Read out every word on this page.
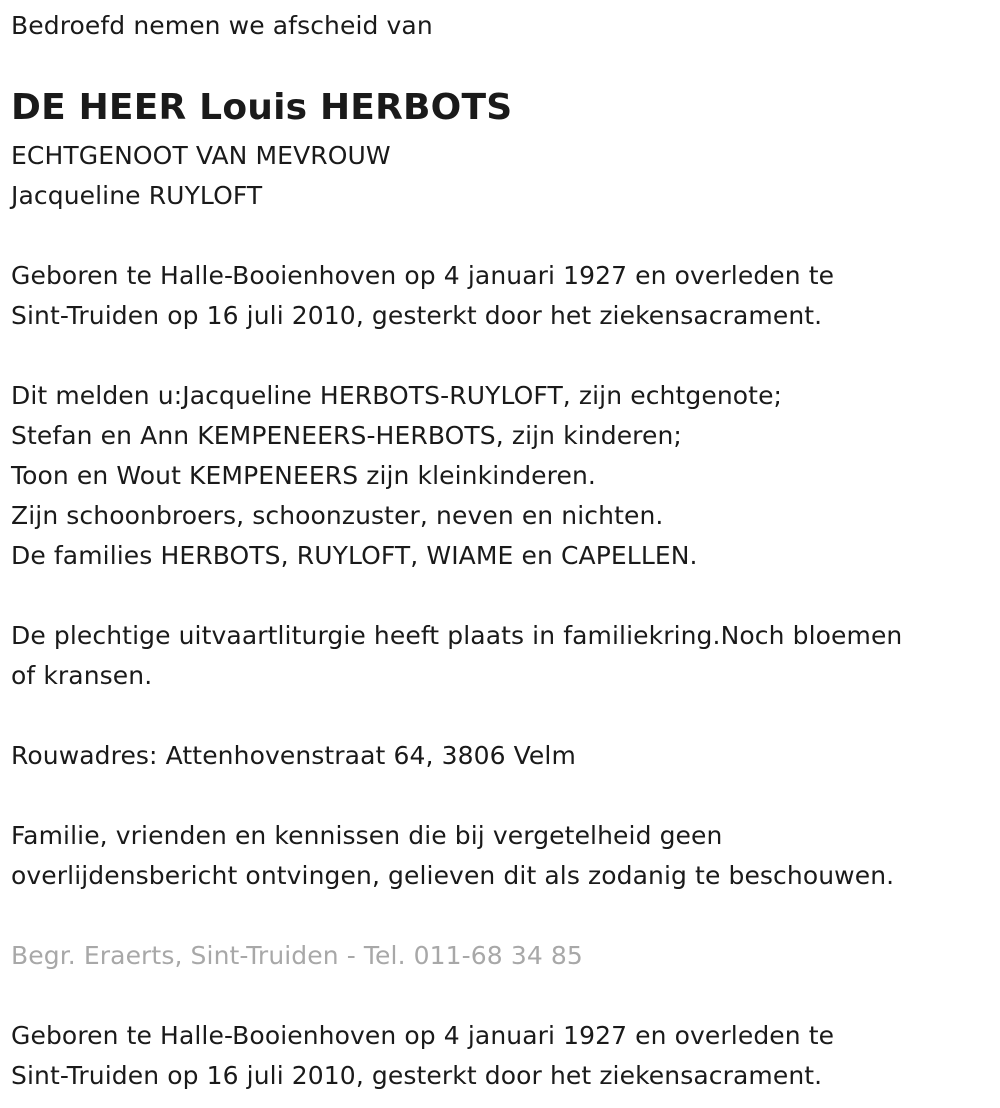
Bedroefd nemen we afscheid van
DE HEER Louis HERBOTS
ECHTGENOOT VAN MEVROUW
Jacqueline RUYLOFT
Geboren te Halle-Booienhoven op 4 januari 1927 en overleden te
Sint-Truiden op 16 juli 2010, gesterkt door het ziekensacrament.
Dit melden u:Jacqueline HERBOTS-RUYLOFT, zijn echtgenote;
Stefan en Ann KEMPENEERS-HERBOTS, zijn kinderen;
Toon en Wout KEMPENEERS zijn kleinkinderen.
Zijn schoonbroers, schoonzuster, neven en nichten.
De families HERBOTS, RUYLOFT, WIAME en CAPELLEN.
De plechtige uitvaartliturgie heeft plaats in familiekring.Noch bloemen
of kransen.
Rouwadres: Attenhovenstraat 64, 3806 Velm
Familie, vrienden en kennissen die bij vergetelheid geen
overlijdensbericht ontvingen, gelieven dit als zodanig te beschouwen.
Begr. Eraerts, Sint-Truiden - Tel. 011-68 34 85
Geboren te Halle-Booienhoven op 4 januari 1927 en overleden te
Sint-Truiden op 16 juli 2010, gesterkt door het ziekensacrament.
